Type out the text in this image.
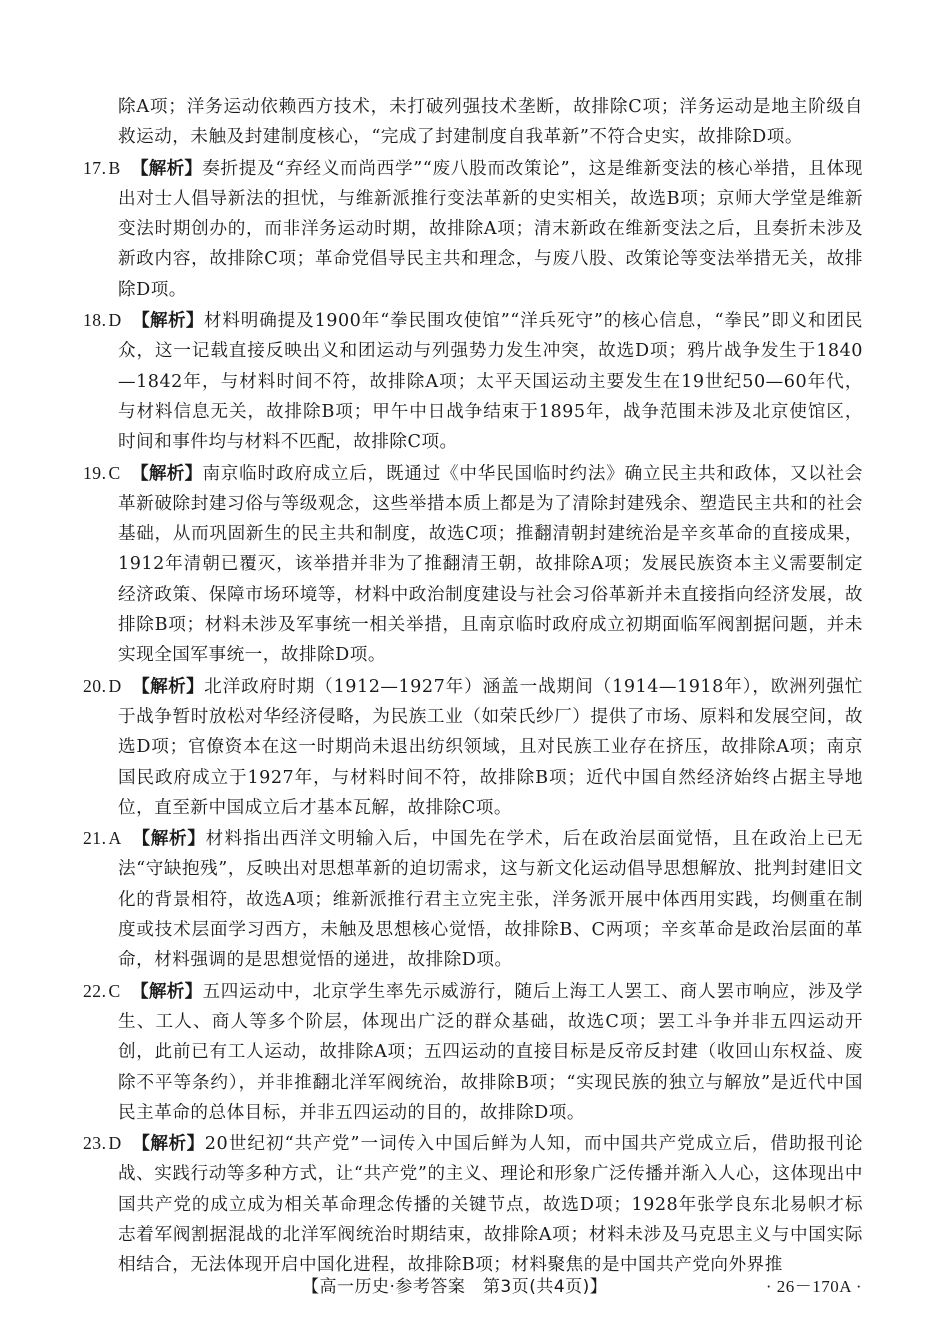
除A项；洋务运动依赖西方技术，未打破列强技术垄断，故排除C项；洋务运动是地主阶级自救运动，未触及封建制度核心，“完成了封建制度自我革新”不符合史实，故排除D项。

17. B 【解析】奏折提及“弃经义而尚西学”“废八股而改策论”，这是维新变法的核心举措，且体现出对士人倡导新法的担忧，与维新派推行变法革新的史实相关，故选B项；京师大学堂是维新变法时期创办的，而非洋务运动时期，故排除A项；清末新政在维新变法之后，且奏折未涉及新政内容，故排除C项；革命党倡导民主共和理念，与废八股、改策论等变法举措无关，故排除D项。

18. D 【解析】材料明确提及1900年“拳民围攻使馆”“洋兵死守”的核心信息，“拳民”即义和团民众，这一记载直接反映出义和团运动与列强势力发生冲突，故选D项；鸦片战争发生于1840—1842年，与材料时间不符，故排除A项；太平天国运动主要发生在19世纪50—60年代，与材料信息无关，故排除B项；甲午中日战争结束于1895年，战争范围未涉及北京使馆区，时间和事件均与材料不匹配，故排除C项。

19. C 【解析】南京临时政府成立后，既通过《中华民国临时约法》确立民主共和政体，又以社会革新破除封建习俗与等级观念，这些举措本质上都是为了清除封建残余、塑造民主共和的社会基础，从而巩固新生的民主共和制度，故选C项；推翻清朝封建统治是辛亥革命的直接成果，1912年清朝已覆灭，该举措并非为了推翻清王朝，故排除A项；发展民族资本主义需要制定经济政策、保障市场环境等，材料中政治制度建设与社会习俗革新并未直接指向经济发展，故排除B项；材料未涉及军事统一相关举措，且南京临时政府成立初期面临军阀割据问题，并未实现全国军事统一，故排除D项。

20. D 【解析】北洋政府时期（1912—1927年）涵盖一战期间（1914—1918年），欧洲列强忙于战争暂时放松对华经济侵略，为民族工业（如荣氏纱厂）提供了市场、原料和发展空间，故选D项；官僚资本在这一时期尚未退出纺织领域，且对民族工业存在挤压，故排除A项；南京国民政府成立于1927年，与材料时间不符，故排除B项；近代中国自然经济始终占据主导地位，直至新中国成立后才基本瓦解，故排除C项。

21. A 【解析】材料指出西洋文明输入后，中国先在学术，后在政治层面觉悟，且在政治上已无法“守缺抱残”，反映出对思想革新的迫切需求，这与新文化运动倡导思想解放、批判封建旧文化的背景相符，故选A项；维新派推行君主立宪主张，洋务派开展中体西用实践，均侧重在制度或技术层面学习西方，未触及思想核心觉悟，故排除B、C两项；辛亥革命是政治层面的革命，材料强调的是思想觉悟的递进，故排除D项。

22. C 【解析】五四运动中，北京学生率先示威游行，随后上海工人罢工、商人罢市响应，涉及学生、工人、商人等多个阶层，体现出广泛的群众基础，故选C项；罢工斗争并非五四运动开创，此前已有工人运动，故排除A项；五四运动的直接目标是反帝反封建（收回山东权益、废除不平等条约），并非推翻北洋军阀统治，故排除B项；“实现民族的独立与解放”是近代中国民主革命的总体目标，并非五四运动的目的，故排除D项。

23. D 【解析】20世纪初“共产党”一词传入中国后鲜为人知，而中国共产党成立后，借助报刊论战、实践行动等多种方式，让“共产党”的主义、理论和形象广泛传播并渐入人心，这体现出中国共产党的成立成为相关革命理念传播的关键节点，故选D项；1928年张学良东北易帜才标志着军阀割据混战的北洋军阀统治时期结束，故排除A项；材料未涉及马克思主义与中国实际相结合，无法体现开启中国化进程，故排除B项；材料聚焦的是中国共产党向外界推

【高一历史·参考答案　第3页(共4页)】	· 26－170A ·
